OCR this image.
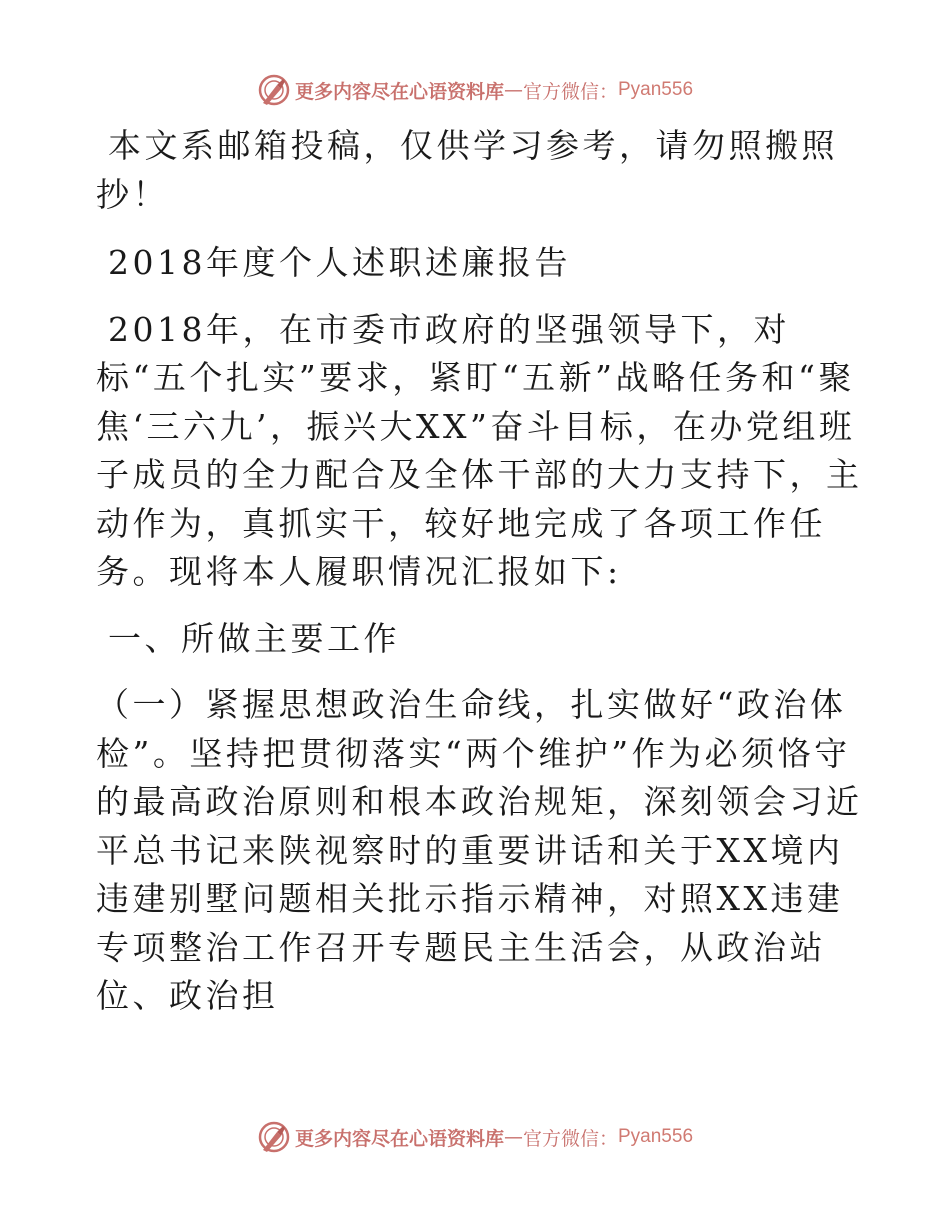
更多内容尽在心语资料库 — 官方微信： Pyan556

本文系邮箱投稿，仅供学习参考，请勿照搬照抄！

2018年度个人述职述廉报告

2018年，在市委市政府的坚强领导下，对标“五个扎实”要求，紧盯“五新”战略任务和“聚焦‘三六九’，振兴大XX”奋斗目标，在办党组班子成员的全力配合及全体干部的大力支持下，主动作为，真抓实干，较好地完成了各项工作任务。现将本人履职情况汇报如下:

一、所做主要工作

（一）紧握思想政治生命线，扎实做好“政治体检”。坚持把贯彻落实“两个维护”作为必须恪守的最高政治原则和根本政治规矩，深刻领会习近平总书记来陕视察时的重要讲话和关于XX境内违建别墅问题相关批示指示精神，对照XX违建专项整治工作召开专题民主生活会，从政治站位、政治担

更多内容尽在心语资料库 — 官方微信： Pyan556
